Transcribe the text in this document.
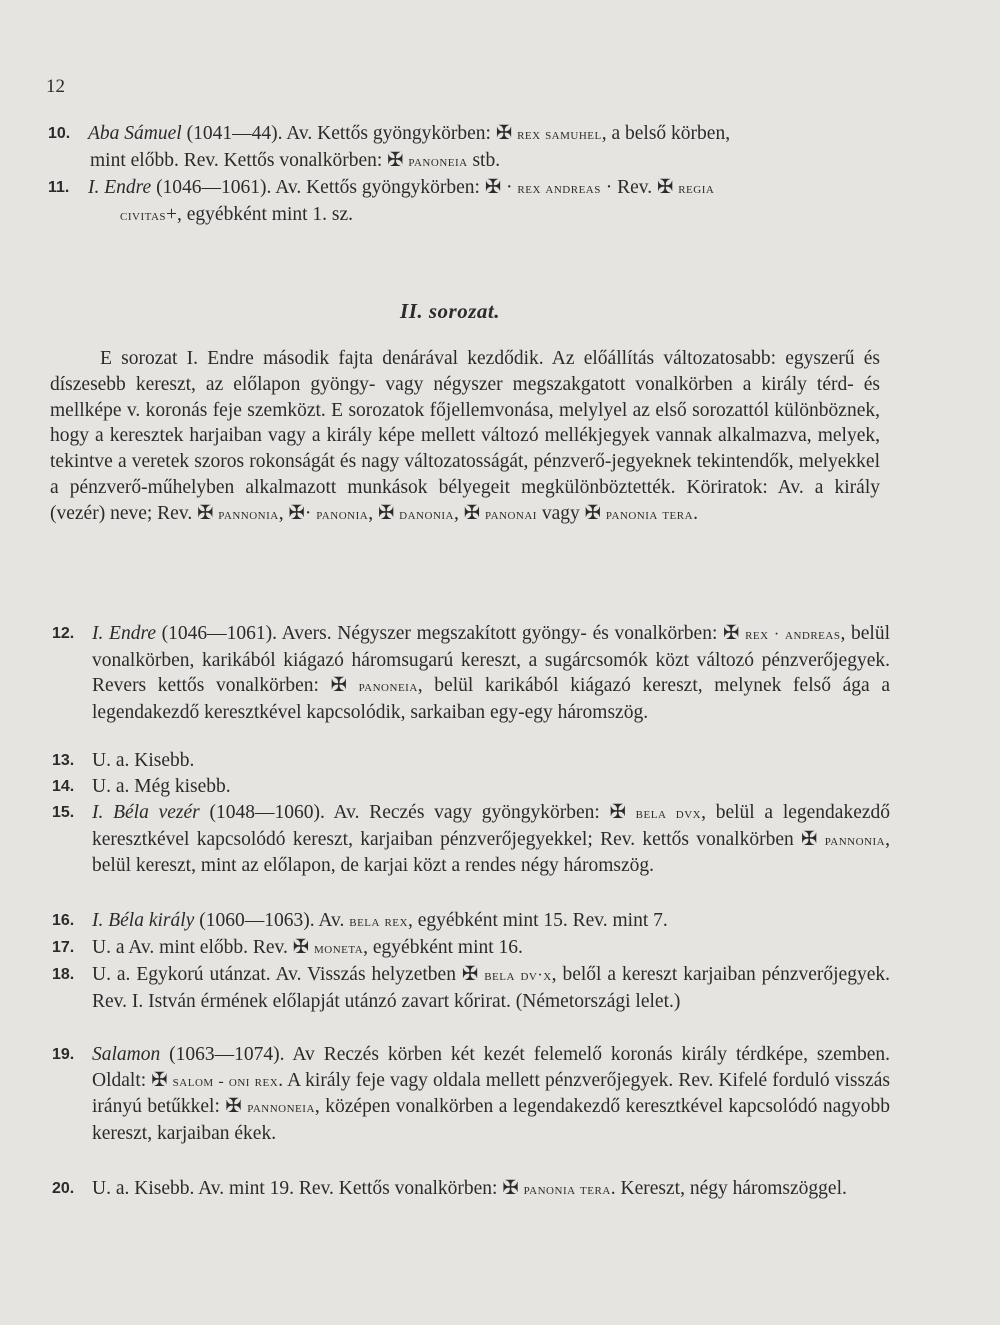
12
10. Aba Sámuel (1041—44). Av. Kettős gyöngykörben: ✠ rex samuhel, a belső körben,
mint előbb. Rev. Kettős vonalkörben: ✠ panoneia stb.
11. I. Endre (1046—1061). Av. Kettős gyöngykörben: ✠ · rex andreas · Rev. ✠ regia
civitas+, egyébként mint 1. sz.
II. sorozat.
E sorozat I. Endre második fajta denárával kezdődik. Az előállítás változatosabb: egyszerű és díszesebb kereszt, az előlapon gyöngy- vagy négyszer megszakgatott vonalkörben a király térd- és mellképe v. koronás feje szemközt. E sorozatok főjellemvonása, melylyel az első sorozattól különböznek, hogy a keresztek harjaiban vagy a király képe mellett változó mellékjegyek vannak alkalmazva, melyek, tekintve a veretek szoros rokonságát és nagy változatosságát, pénzverő-jegyeknek tekintendők, melyekkel a pénzverő-műhelyben alkalmazott munkások bélyegeit megkülönböztették. Köriratok: Av. a király (vezér) neve; Rev. ✠ pannonia, ✠· panonia, ✠ danonia, ✠ panonai vagy ✠ panonia tera.
12. I. Endre (1046—1061). Avers. Négyszer megszakított gyöngy- és vonalkörben: ✠ rex · andreas, belül vonalkörben, karikából kiágazó háromsugarú kereszt, a sugárcsomók közt változó pénzverőjegyek. Revers kettős vonalkörben: ✠ panoneia, belül karikából kiágazó kereszt, melynek felső ága a legendakezdő keresztkével kapcsolódik, sarkaiban egy-egy háromszög.
13. U. a. Kisebb.
14. U. a. Még kisebb.
15. I. Béla vezér (1048—1060). Av. Reczés vagy gyöngykörben: ✠ bela dvx, belül a legendakezdő keresztkével kapcsolódó kereszt, karjaiban pénzverőjegyekkel; Rev. kettős vonalkörben ✠ pannonia, belül kereszt, mint az előlapon, de karjai közt a rendes négy háromszög.
16. I. Béla király (1060—1063). Av. bela rex, egyébként mint 15. Rev. mint 7.
17. U. a Av. mint előbb. Rev. ✠ moneta, egyébként mint 16.
18. U. a. Egykorú utánzat. Av. Visszás helyzetben ✠ bela dv·x, belől a kereszt karjaiban pénzverőjegyek. Rev. I. István érmének előlapját utánzó zavart kőrirat. (Németországi lelet.)
19. Salamon (1063—1074). Av Reczés körben két kezét felemelő koronás király térdképe, szemben. Oldalt: ✠ salom - oni rex. A király feje vagy oldala mellett pénzverőjegyek. Rev. Kifelé forduló visszás irányú betűkkel: ✠ pannoneia, középen vonalkörben a legendakezdő keresztkével kapcsolódó nagyobb kereszt, karjaiban ékek.
20. U. a. Kisebb. Av. mint 19. Rev. Kettős vonalkörben: ✠ panonia tera. Kereszt, négy háromszöggel.
